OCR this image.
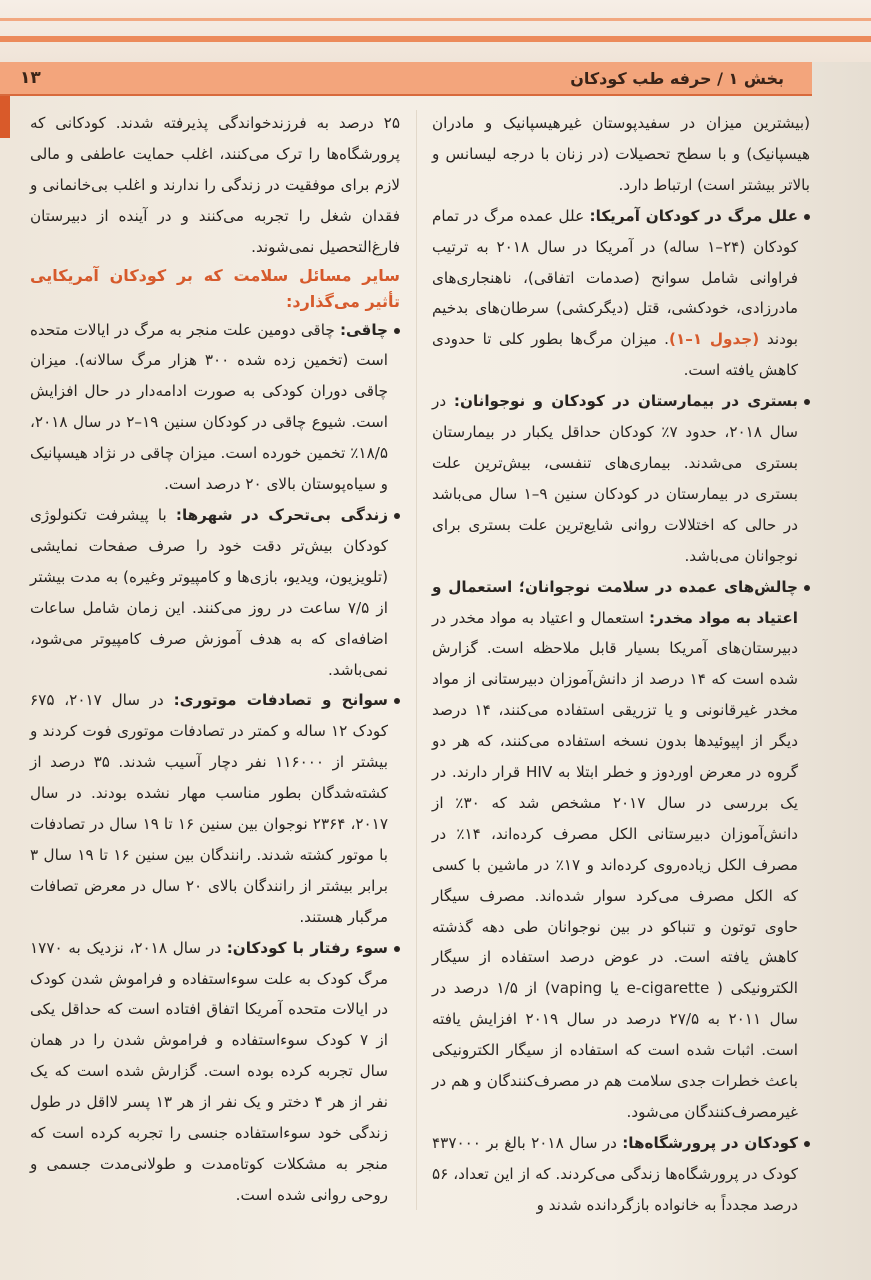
بخش ۱ / حرفه طب کودکان
۱۳

(بیشترین میزان در سفیدپوستان غیرهیسپانیک و مادران هیسپانیک) و با سطح تحصیلات (در زنان با درجه لیسانس و بالاتر بیشتر است) ارتباط دارد.

علل مرگ در کودکان آمریکا: علل عمده مرگ در تمام کودکان (۲۴–۱ ساله) در آمریکا در سال ۲۰۱۸ به ترتیب فراوانی شامل سوانح (صدمات اتفاقی)، ناهنجاری‌های مادرزادی، خودکشی، قتل (دیگرکشی) سرطان‌های بدخیم بودند (جدول ۱–۱). میزان مرگ‌ها بطور کلی تا حدودی کاهش یافته است.

بستری در بیمارستان در کودکان و نوجوانان: در سال ۲۰۱۸، حدود ۷٪ کودکان حداقل یکبار در بیمارستان بستری می‌شدند. بیماری‌های تنفسی، بیش‌ترین علت بستری در بیمارستان در کودکان سنین ۹–۱ سال می‌باشد در حالی که اختلالات روانی شایع‌ترین علت بستری برای نوجوانان می‌باشد.

چالش‌های عمده در سلامت نوجوانان؛ استعمال و اعتیاد به مواد مخدر: استعمال و اعتیاد به مواد مخدر در دبیرستان‌های آمریکا بسیار قابل ملاحظه است. گزارش شده است که ۱۴ درصد از دانش‌آموزان دبیرستانی از مواد مخدر غیرقانونی و یا تزریقی استفاده می‌کنند، ۱۴ درصد دیگر از اپیوئیدها بدون نسخه استفاده می‌کنند، که هر دو گروه در معرض اوردوز و خطر ابتلا به HIV قرار دارند. در یک بررسی در سال ۲۰۱۷ مشخص شد که ۳۰٪ از دانش‌آموزان دبیرستانی الکل مصرف کرده‌اند، ۱۴٪ در مصرف الکل زیاده‌روی کرده‌اند و ۱۷٪ در ماشین با کسی که الکل مصرف می‌کرد سوار شده‌اند. مصرف سیگار حاوی توتون و تنباکو در بین نوجوانان طی دهه گذشته کاهش یافته است. در عوض درصد استفاده از سیگار الکترونیکی ( e-cigarette یا vaping) از ۱/۵ درصد در سال ۲۰۱۱ به ۲۷/۵ درصد در سال ۲۰۱۹ افزایش یافته است. اثبات شده است که استفاده از سیگار الکترونیکی باعث خطرات جدی سلامت هم در مصرف‌کنندگان و هم در غیرمصرف‌کنندگان می‌شود.

کودکان در پرورشگاه‌ها: در سال ۲۰۱۸ بالغ بر ۴۳۷۰۰۰ کودک در پرورشگاه‌ها زندگی می‌کردند. که از این تعداد، ۵۶ درصد مجدداً به خانواده بازگردانده شدند و

۲۵ درصد به فرزندخواندگی پذیرفته شدند. کودکانی که پرورشگاه‌ها را ترک می‌کنند، اغلب حمایت عاطفی و مالی لازم برای موفقیت در زندگی را ندارند و اغلب بی‌خانمانی و فقدان شغل را تجربه می‌کنند و در آینده از دبیرستان فارغ‌التحصیل نمی‌شوند.

سایر مسائل سلامت که بر کودکان آمریکایی تأثیر می‌گذارد:

چاقی: چاقی دومین علت منجر به مرگ در ایالات متحده است (تخمین زده شده ۳۰۰ هزار مرگ سالانه). میزان چاقی دوران کودکی به صورت ادامه‌دار در حال افزایش است. شیوع چاقی در کودکان سنین ۱۹–۲ در سال ۲۰۱۸، ۱۸/۵٪ تخمین خورده است. میزان چاقی در نژاد هیسپانیک و سیاه‌پوستان بالای ۲۰ درصد است.

زندگی بی‌تحرک در شهرها: با پیشرفت تکنولوژی کودکان بیش‌تر دقت خود را صرف صفحات نمایشی (تلویزیون، ویدیو، بازی‌ها و کامپیوتر وغیره) به مدت بیشتر از ۷/۵ ساعت در روز می‌کنند. این زمان شامل ساعات اضافه‌ای که به هدف آموزش صرف کامپیوتر می‌شود، نمی‌باشد.

سوانح و تصادفات موتوری: در سال ۲۰۱۷، ۶۷۵ کودک ۱۲ ساله و کمتر در تصادفات موتوری فوت کردند و بیشتر از ۱۱۶۰۰۰ نفر دچار آسیب شدند. ۳۵ درصد از کشته‌شدگان بطور مناسب مهار نشده بودند. در سال ۲۰۱۷، ۲۳۶۴ نوجوان بین سنین ۱۶ تا ۱۹ سال در تصادفات با موتور کشته شدند. رانندگان بین سنین ۱۶ تا ۱۹ سال ۳ برابر بیشتر از رانندگان بالای ۲۰ سال در معرض تصافات مرگبار هستند.

سوء رفتار با کودکان: در سال ۲۰۱۸، نزدیک به ۱۷۷۰ مرگ کودک به علت سوءاستفاده و فراموش شدن کودک در ایالات متحده آمریکا اتفاق افتاده است که حداقل یکی از ۷ کودک سوءاستفاده و فراموش شدن را در همان سال تجربه کرده بوده است. گزارش شده است که یک نفر از هر ۴ دختر و یک نفر از هر ۱۳ پسر لااقل در طول زندگی خود سوءاستفاده جنسی را تجربه کرده است که منجر به مشکلات کوتاه‌مدت و طولانی‌مدت جسمی و روحی روانی شده است.
